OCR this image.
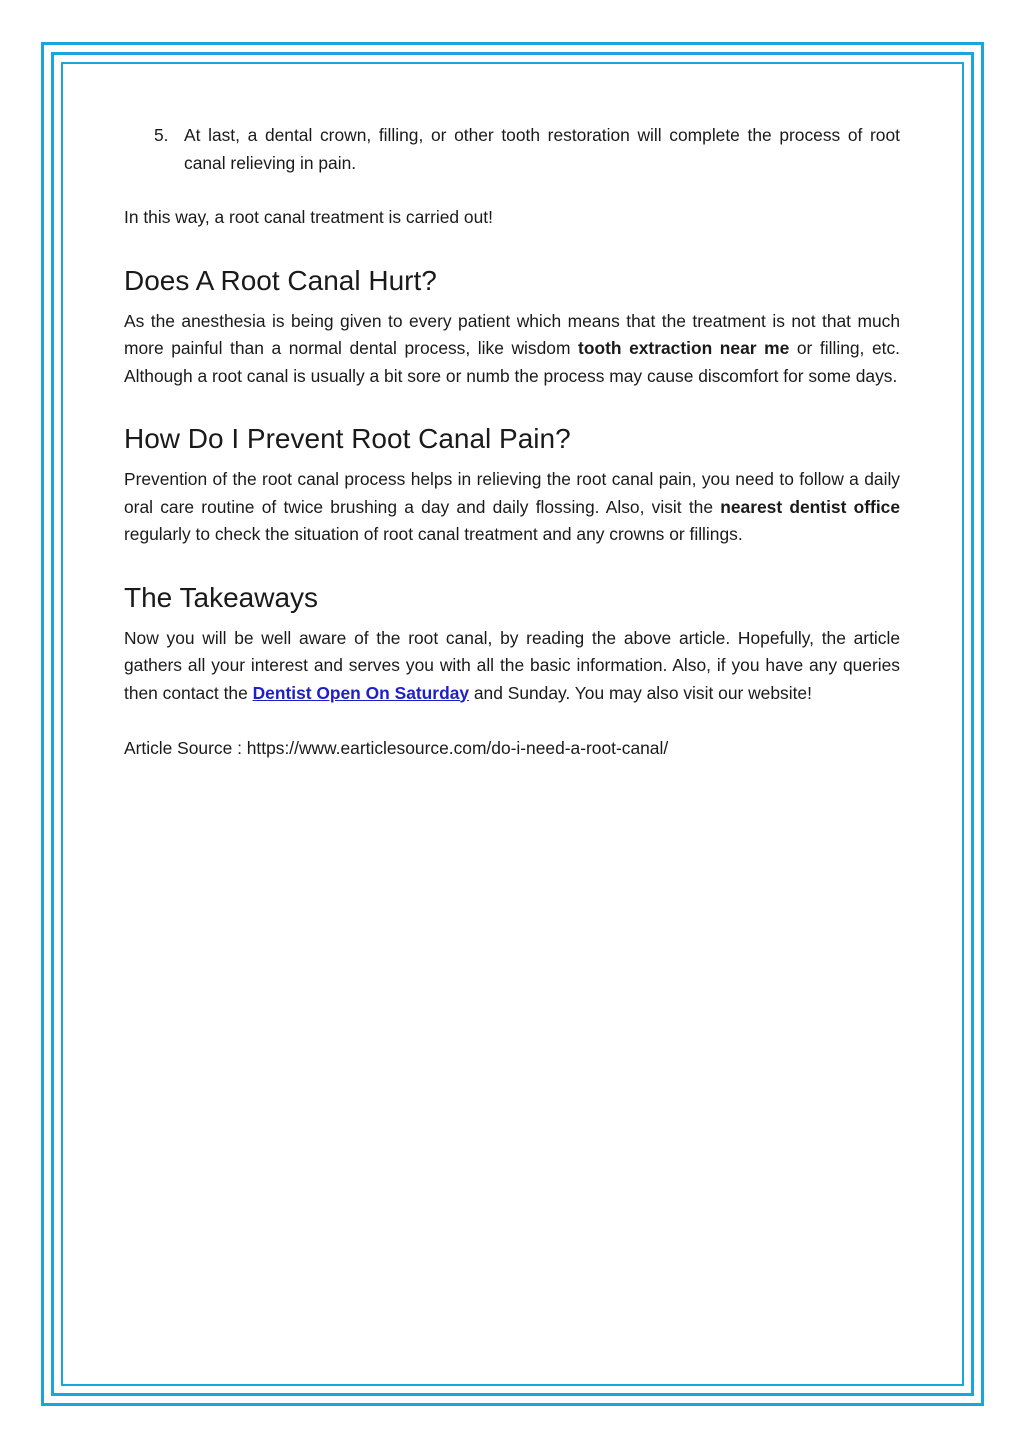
5. At last, a dental crown, filling, or other tooth restoration will complete the process of root canal relieving in pain.

In this way, a root canal treatment is carried out!

Does A Root Canal Hurt?

As the anesthesia is being given to every patient which means that the treatment is not that much more painful than a normal dental process, like wisdom tooth extraction near me or filling, etc. Although a root canal is usually a bit sore or numb the process may cause discomfort for some days.

How Do I Prevent Root Canal Pain?

Prevention of the root canal process helps in relieving the root canal pain, you need to follow a daily oral care routine of twice brushing a day and daily flossing. Also, visit the nearest dentist office regularly to check the situation of root canal treatment and any crowns or fillings.

The Takeaways

Now you will be well aware of the root canal, by reading the above article. Hopefully, the article gathers all your interest and serves you with all the basic information. Also, if you have any queries then contact the Dentist Open On Saturday and Sunday. You may also visit our website!

Article Source : https://www.earticlesource.com/do-i-need-a-root-canal/
